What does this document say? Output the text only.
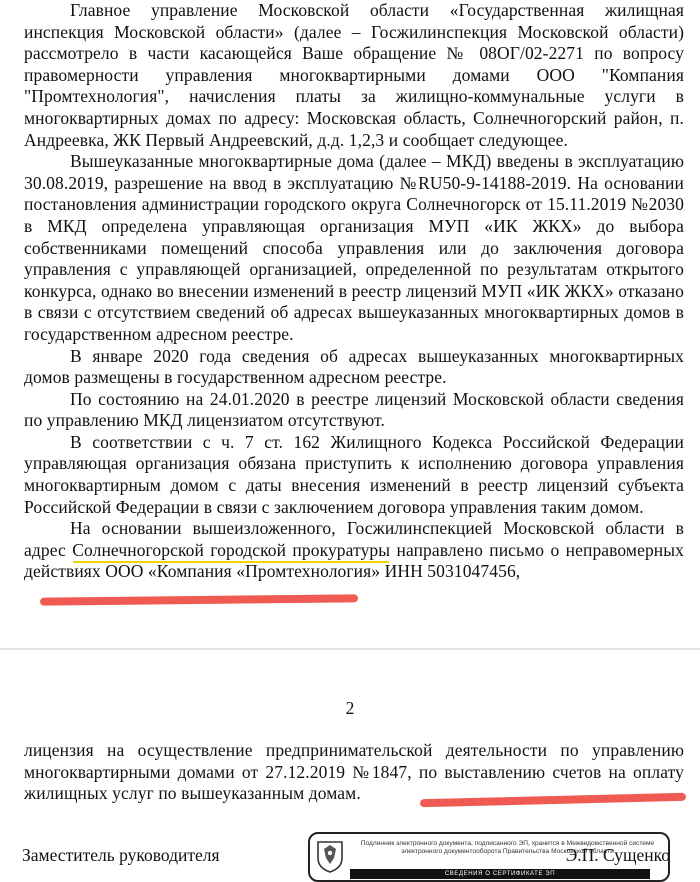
Главное управление Московской области «Государственная жилищная инспекция Московской области» (далее – Госжилинспекция Московской области) рассмотрело в части касающейся Ваше обращение № 08ОГ/02-2271 по вопросу правомерности управления многоквартирными домами ООО "Компания "Промтехнология", начисления платы за жилищно-коммунальные услуги в многоквартирных домах по адресу: Московская область, Солнечногорский район, п. Андреевка, ЖК Первый Андреевский, д.д. 1,2,3 и сообщает следующее.

Вышеуказанные многоквартирные дома (далее – МКД) введены в эксплуатацию 30.08.2019, разрешение на ввод в эксплуатацию №RU50-9-14188-2019. На основании постановления администрации городского округа Солнечногорск от 15.11.2019 №2030 в МКД определена управляющая организация МУП «ИК ЖКХ» до выбора собственниками помещений способа управления или до заключения договора управления с управляющей организацией, определенной по результатам открытого конкурса, однако во внесении изменений в реестр лицензий МУП «ИК ЖКХ» отказано в связи с отсутствием сведений об адресах вышеуказанных многоквартирных домов в государственном адресном реестре.

В январе 2020 года сведения об адресах вышеуказанных многоквартирных домов размещены в государственном адресном реестре.

По состоянию на 24.01.2020 в реестре лицензий Московской области сведения по управлению МКД лицензиатом отсутствуют.

В соответствии с ч. 7 ст. 162 Жилищного Кодекса Российской Федерации управляющая организация обязана приступить к исполнению договора управления многоквартирным домом с даты внесения изменений в реестр лицензий субъекта Российской Федерации в связи с заключением договора управления таким домом.

На основании вышеизложенного, Госжилинспекцией Московской области в адрес Солнечногорской городской прокуратуры направлено письмо о неправомерных действиях ООО «Компания «Промтехнология» ИНН 5031047456,

2

лицензия на осуществление предпринимательской деятельности по управлению многоквартирными домами от 27.12.2019 №1847, по выставлению счетов на оплату жилищных услуг по вышеуказанным домам.

Заместитель руководителя
Подлинник электронного документа, подписанного ЭП, хранится в Межведомственной системе электронного документооборота Правительства Московской области
СВЕДЕНИЯ О СЕРТИФИКАТЕ ЭП
Э.П. Сущенко
